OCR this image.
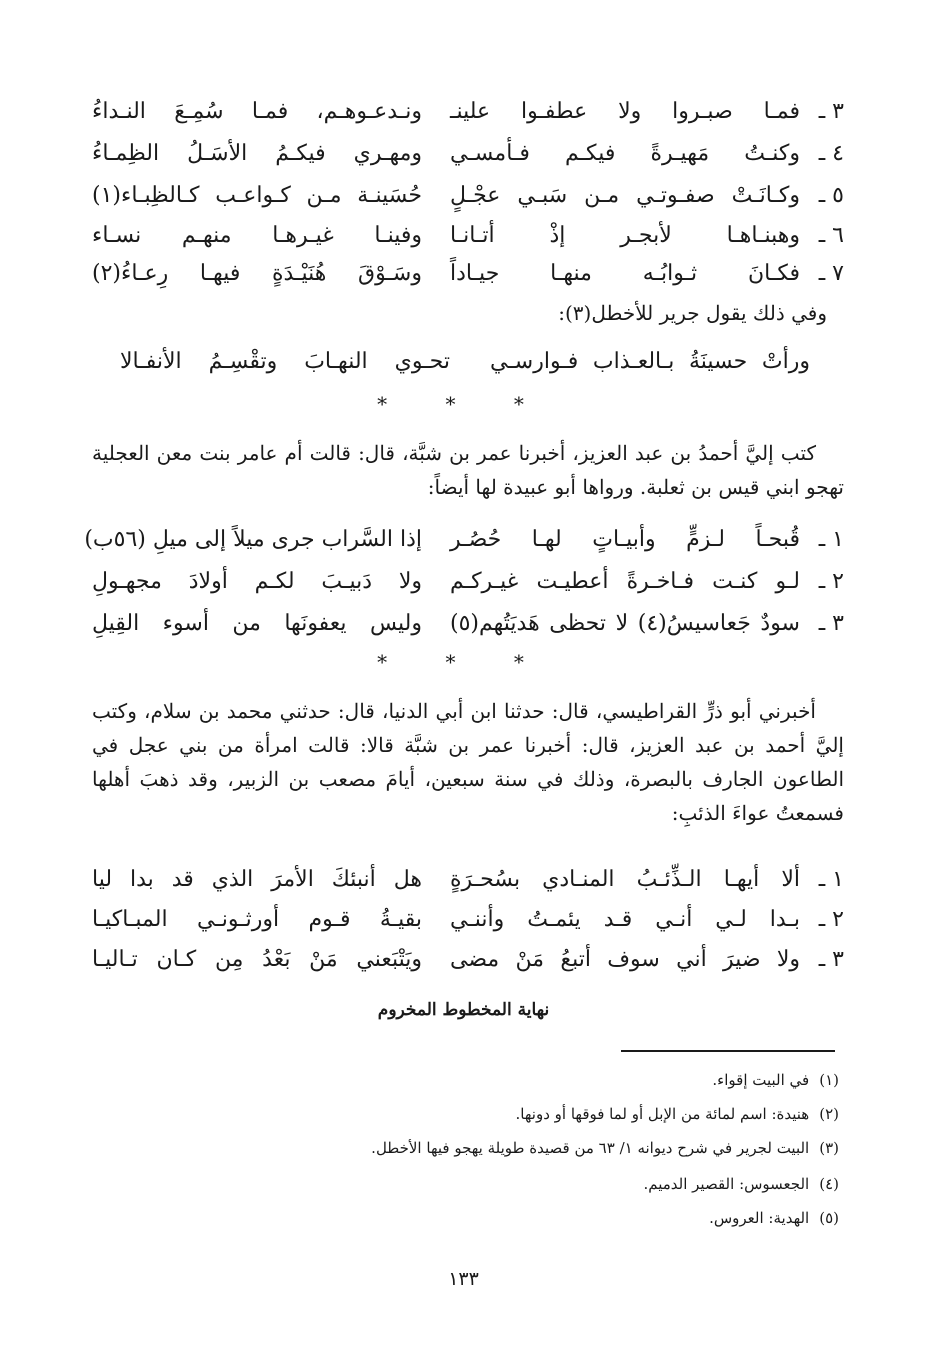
٣ ـ
فمـا صبـروا ولا عطفـوا علينـ
ونـدعـوهـم، فمـا سُمِـعَ النـداءُ
٤ ـ
وكنـتُ مَهيـرةً فيكـم فـأمسـي
ومهـري فيكـمُ الأسَـلُ الظِمـاءُ
٥ ـ
وكـانَـتْ صفـوتـي مـن سَبـي عجْـلٍ
حُسَينـة مـن كـواعـب كـالظِبـاء(١)
٦ ـ
وهبنـاهـا لأبجـر إذْ أتـانـا
وفينـا غيـرهـا منهـم نسـاء
٧ ـ
فكـانَ ثـوابُـه منهـا جيـاداً
وسَـوْقَ هُنَيْـدَةٍ فيهـا رِعـاءُ(٢)
وفي ذلك يقول جرير للأخطل(٣):
ورأتْ حسينَةُ بـالعـذاب فـوارسـي
تحـوي النهـابَ وتقْسِـمُ الأنفـالا
* * *
كتب إليَّ أحمدُ بن عبد العزيز، أخبرنا عمر بن شبَّة، قال: قالت أم عامر بنت معن العجلية تهجو ابني قيس بن ثعلبة. ورواها أبو عبيدة لها أيضاً:
١ ـ
قُبحـاً لـزمٍّ وأبيـاتٍ لهـا حُصُـر
إذا السَّراب جرى ميلاً إلى ميلِ (٥٦ب)
٢ ـ
لـو كنـت فـاخـرةً أعطيـت غيـركـم
ولا دَبيـبَ لكـم أولادَ مجهـولِ
٣ ـ
سودٌ جَعاسيسُ(٤) لا تحظى هَديَتُهم(٥)
وليس يعفونَها من أسوء القِيلِ
* * *
أخبرني أبو ذرٍّ القراطيسي، قال: حدثنا ابن أبي الدنيا، قال: حدثني محمد بن سلام، وكتب إليَّ أحمد بن عبد العزيز، قال: أخبرنا عمر بن شبَّة قالا: قالت امرأة من بني عجل في الطاعون الجارف بالبصرة، وذلك في سنة سبعين، أيامَ مصعب بن الزبير، وقد ذهبَ أهلها فسمعتُ عواءَ الذئبِ:
١ ـ
ألا أيهـا الـذِّئـبُ المنـادي بسُحـرَةٍ
هل أنبئكَ الأمرَ الذي قد بدا ليا
٢ ـ
بـدا لـي أنـي قـد يئمـتُ وأننـي
بقيـةُ قـوم أورثـونـي المبـاكيـا
٣ ـ
ولا ضيرَ أني سوف أتبعُ مَنْ مضى
ويَتْبَعني مَنْ بَعْدُ مِن كـان تـاليـا
نهاية المخطوط المخروم
(١)في البيت إقواء.
(٢)هنيدة: اسم لمائة من الإبل أو لما فوقها أو دونها.
(٣)البيت لجرير في شرح ديوانه ١/ ٦٣ من قصيدة طويلة يهجو فيها الأخطل.
(٤)الجعسوس: القصير الدميم.
(٥)الهدية: العروس.
١٣٣
